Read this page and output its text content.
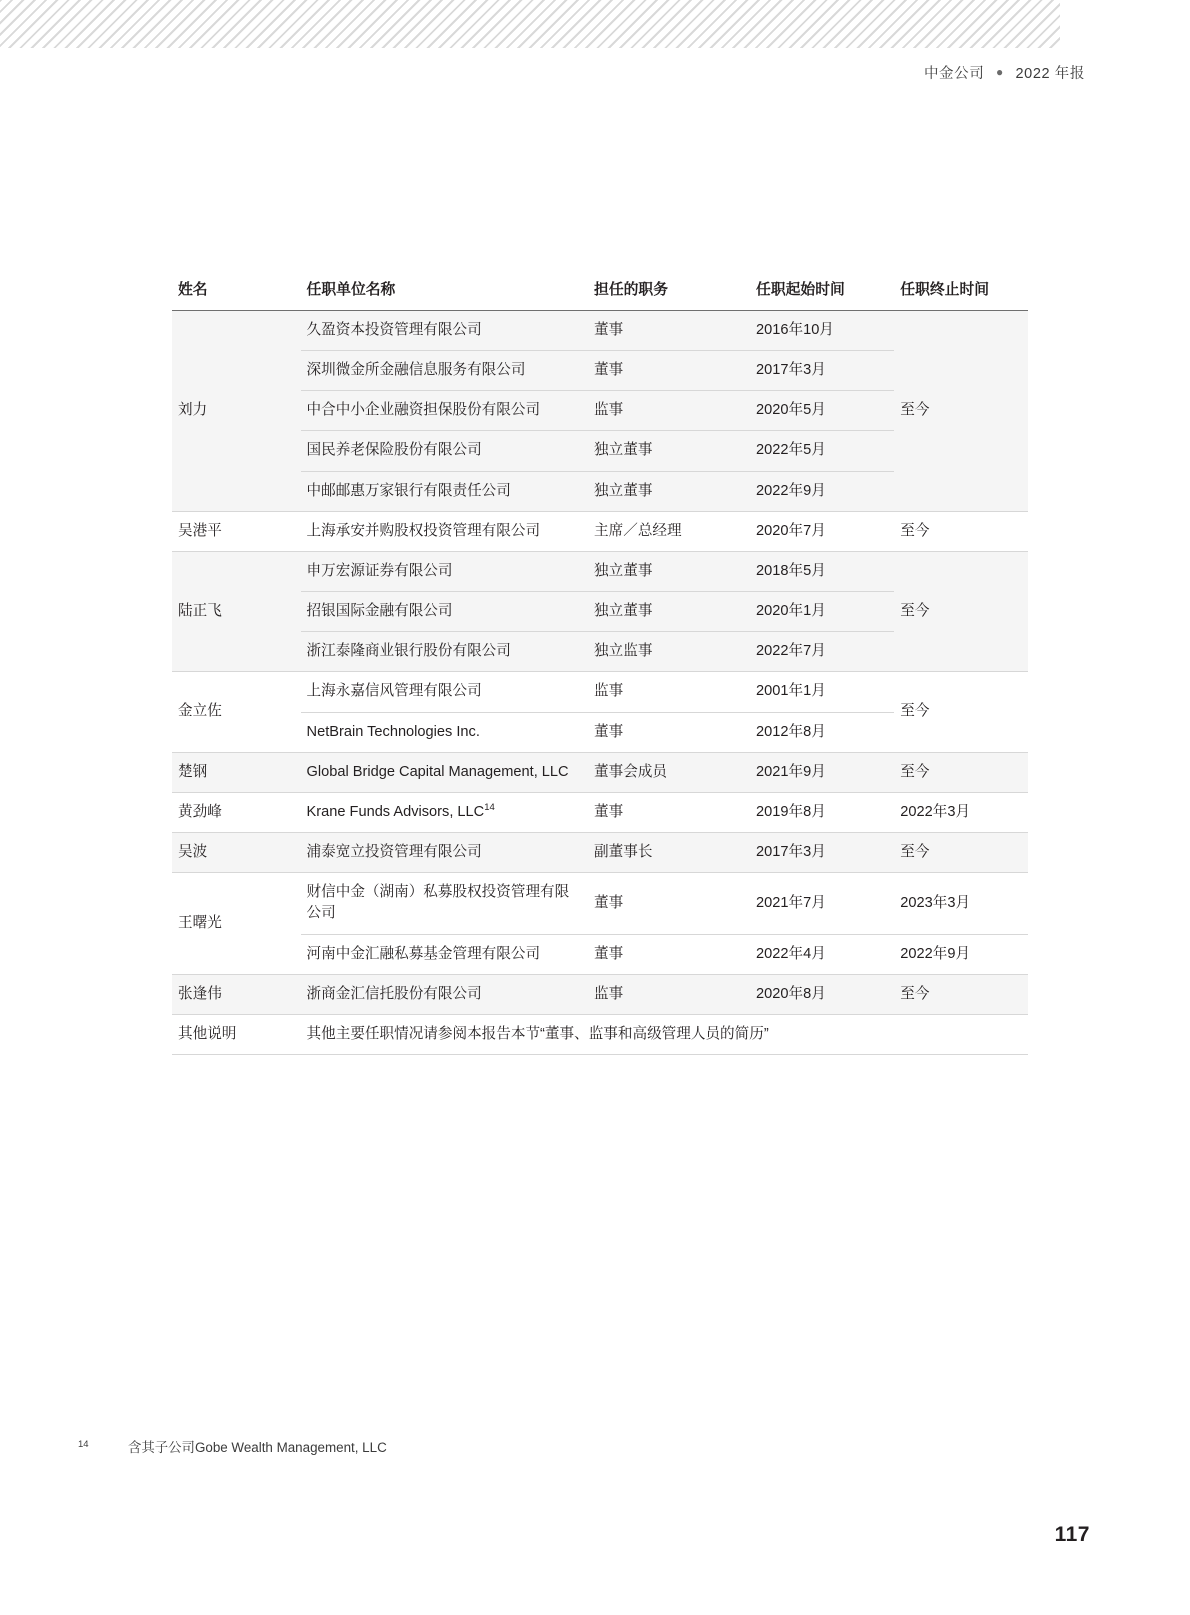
中金公司 ● 2022 年报
姓名	任职单位名称	担任的职务	任职起始时间	任职终止时间
刘力	久盈资本投资管理有限公司	董事	2016年10月	至今
	深圳微金所金融信息服务有限公司	董事	2017年3月	
	中合中小企业融资担保股份有限公司	监事	2020年5月	
	国民养老保险股份有限公司	独立董事	2022年5月	
	中邮邮惠万家银行有限责任公司	独立董事	2022年9月	
吴港平	上海承安并购股权投资管理有限公司	主席／总经理	2020年7月	至今
陆正飞	申万宏源证券有限公司	独立董事	2018年5月	至今
	招银国际金融有限公司	独立董事	2020年1月	
	浙江泰隆商业银行股份有限公司	独立监事	2022年7月	
金立佐	上海永嘉信风管理有限公司	监事	2001年1月	至今
	NetBrain Technologies Inc.	董事	2012年8月	
楚钢	Global Bridge Capital Management, LLC	董事会成员	2021年9月	至今
黄劲峰	Krane Funds Advisors, LLC$^{14}$	董事	2019年8月	2022年3月
吴波	浦泰宽立投资管理有限公司	副董事长	2017年3月	至今
王曙光	财信中金（湖南）私募股权投资管理有限公司	董事	2021年7月	2023年3月
	河南中金汇融私募基金管理有限公司	董事	2022年4月	2022年9月
张逢伟	浙商金汇信托股份有限公司	监事	2020年8月	至今
其他说明	其他主要任职情况请参阅本报告本节“董事、监事和高级管理人员的简历”			
14	含其子公司Gobe Wealth Management, LLC
117
